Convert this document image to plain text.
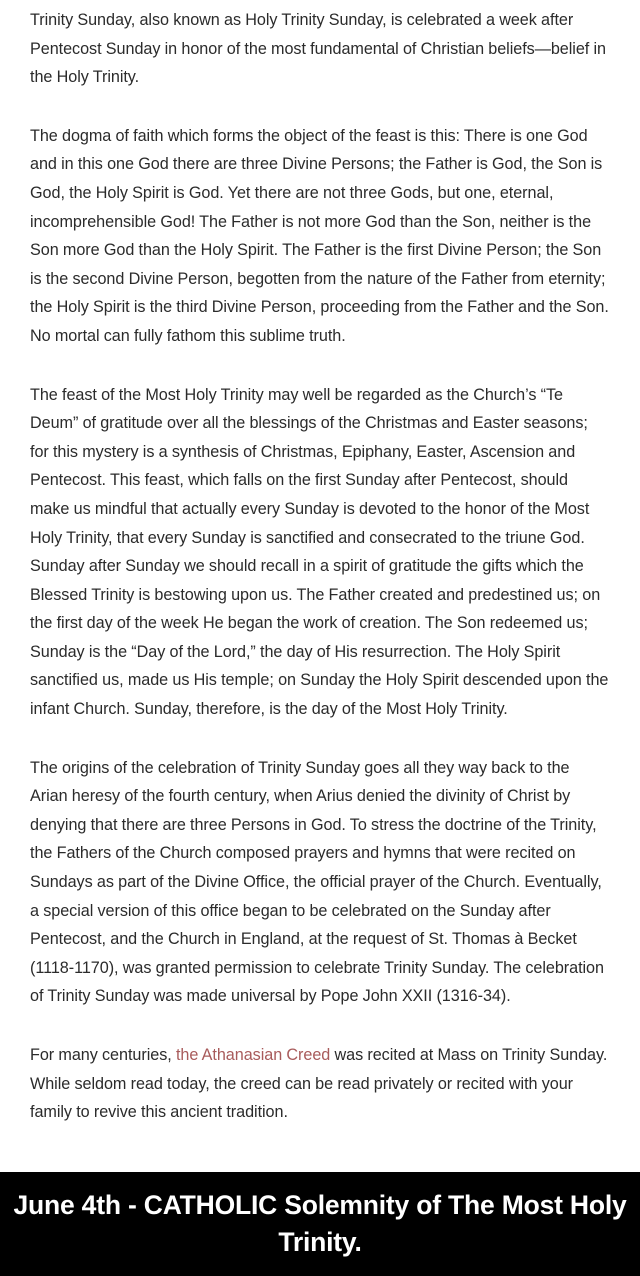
Trinity Sunday, also known as Holy Trinity Sunday, is celebrated a week after Pentecost Sunday in honor of the most fundamental of Christian beliefs—belief in the Holy Trinity.

The dogma of faith which forms the object of the feast is this: There is one God and in this one God there are three Divine Persons; the Father is God, the Son is God, the Holy Spirit is God. Yet there are not three Gods, but one, eternal, incomprehensible God! The Father is not more God than the Son, neither is the Son more God than the Holy Spirit. The Father is the first Divine Person; the Son is the second Divine Person, begotten from the nature of the Father from eternity; the Holy Spirit is the third Divine Person, proceeding from the Father and the Son. No mortal can fully fathom this sublime truth.

The feast of the Most Holy Trinity may well be regarded as the Church’s “Te Deum” of gratitude over all the blessings of the Christmas and Easter seasons; for this mystery is a synthesis of Christmas, Epiphany, Easter, Ascension and Pentecost. This feast, which falls on the first Sunday after Pentecost, should make us mindful that actually every Sunday is devoted to the honor of the Most Holy Trinity, that every Sunday is sanctified and consecrated to the triune God. Sunday after Sunday we should recall in a spirit of gratitude the gifts which the Blessed Trinity is bestowing upon us. The Father created and predestined us; on the first day of the week He began the work of creation. The Son redeemed us; Sunday is the “Day of the Lord,” the day of His resurrection. The Holy Spirit sanctified us, made us His temple; on Sunday the Holy Spirit descended upon the infant Church. Sunday, therefore, is the day of the Most Holy Trinity.

The origins of the celebration of Trinity Sunday goes all they way back to the Arian heresy of the fourth century, when Arius denied the divinity of Christ by denying that there are three Persons in God. To stress the doctrine of the Trinity, the Fathers of the Church composed prayers and hymns that were recited on Sundays as part of the Divine Office, the official prayer of the Church. Eventually, a special version of this office began to be celebrated on the Sunday after Pentecost, and the Church in England, at the request of St. Thomas à Becket (1118-1170), was granted permission to celebrate Trinity Sunday. The celebration of Trinity Sunday was made universal by Pope John XXII (1316-34).

For many centuries, the Athanasian Creed was recited at Mass on Trinity Sunday. While seldom read today, the creed can be read privately or recited with your family to revive this ancient tradition.

June 4th - CATHOLIC Solemnity of The Most Holy Trinity.
